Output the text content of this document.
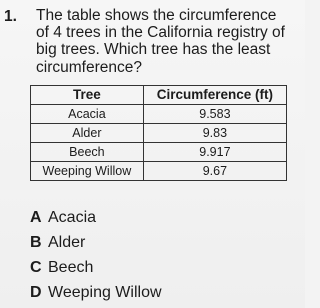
1. The table shows the circumference
of 4 trees in the California registry of
big trees. Which tree has the least
circumference?
Tree	Circumference (ft)
Acacia	9.583
Alder	9.83
Beech	9.917
Weeping Willow	9.67
A Acacia
B Alder
C Beech
D Weeping Willow
